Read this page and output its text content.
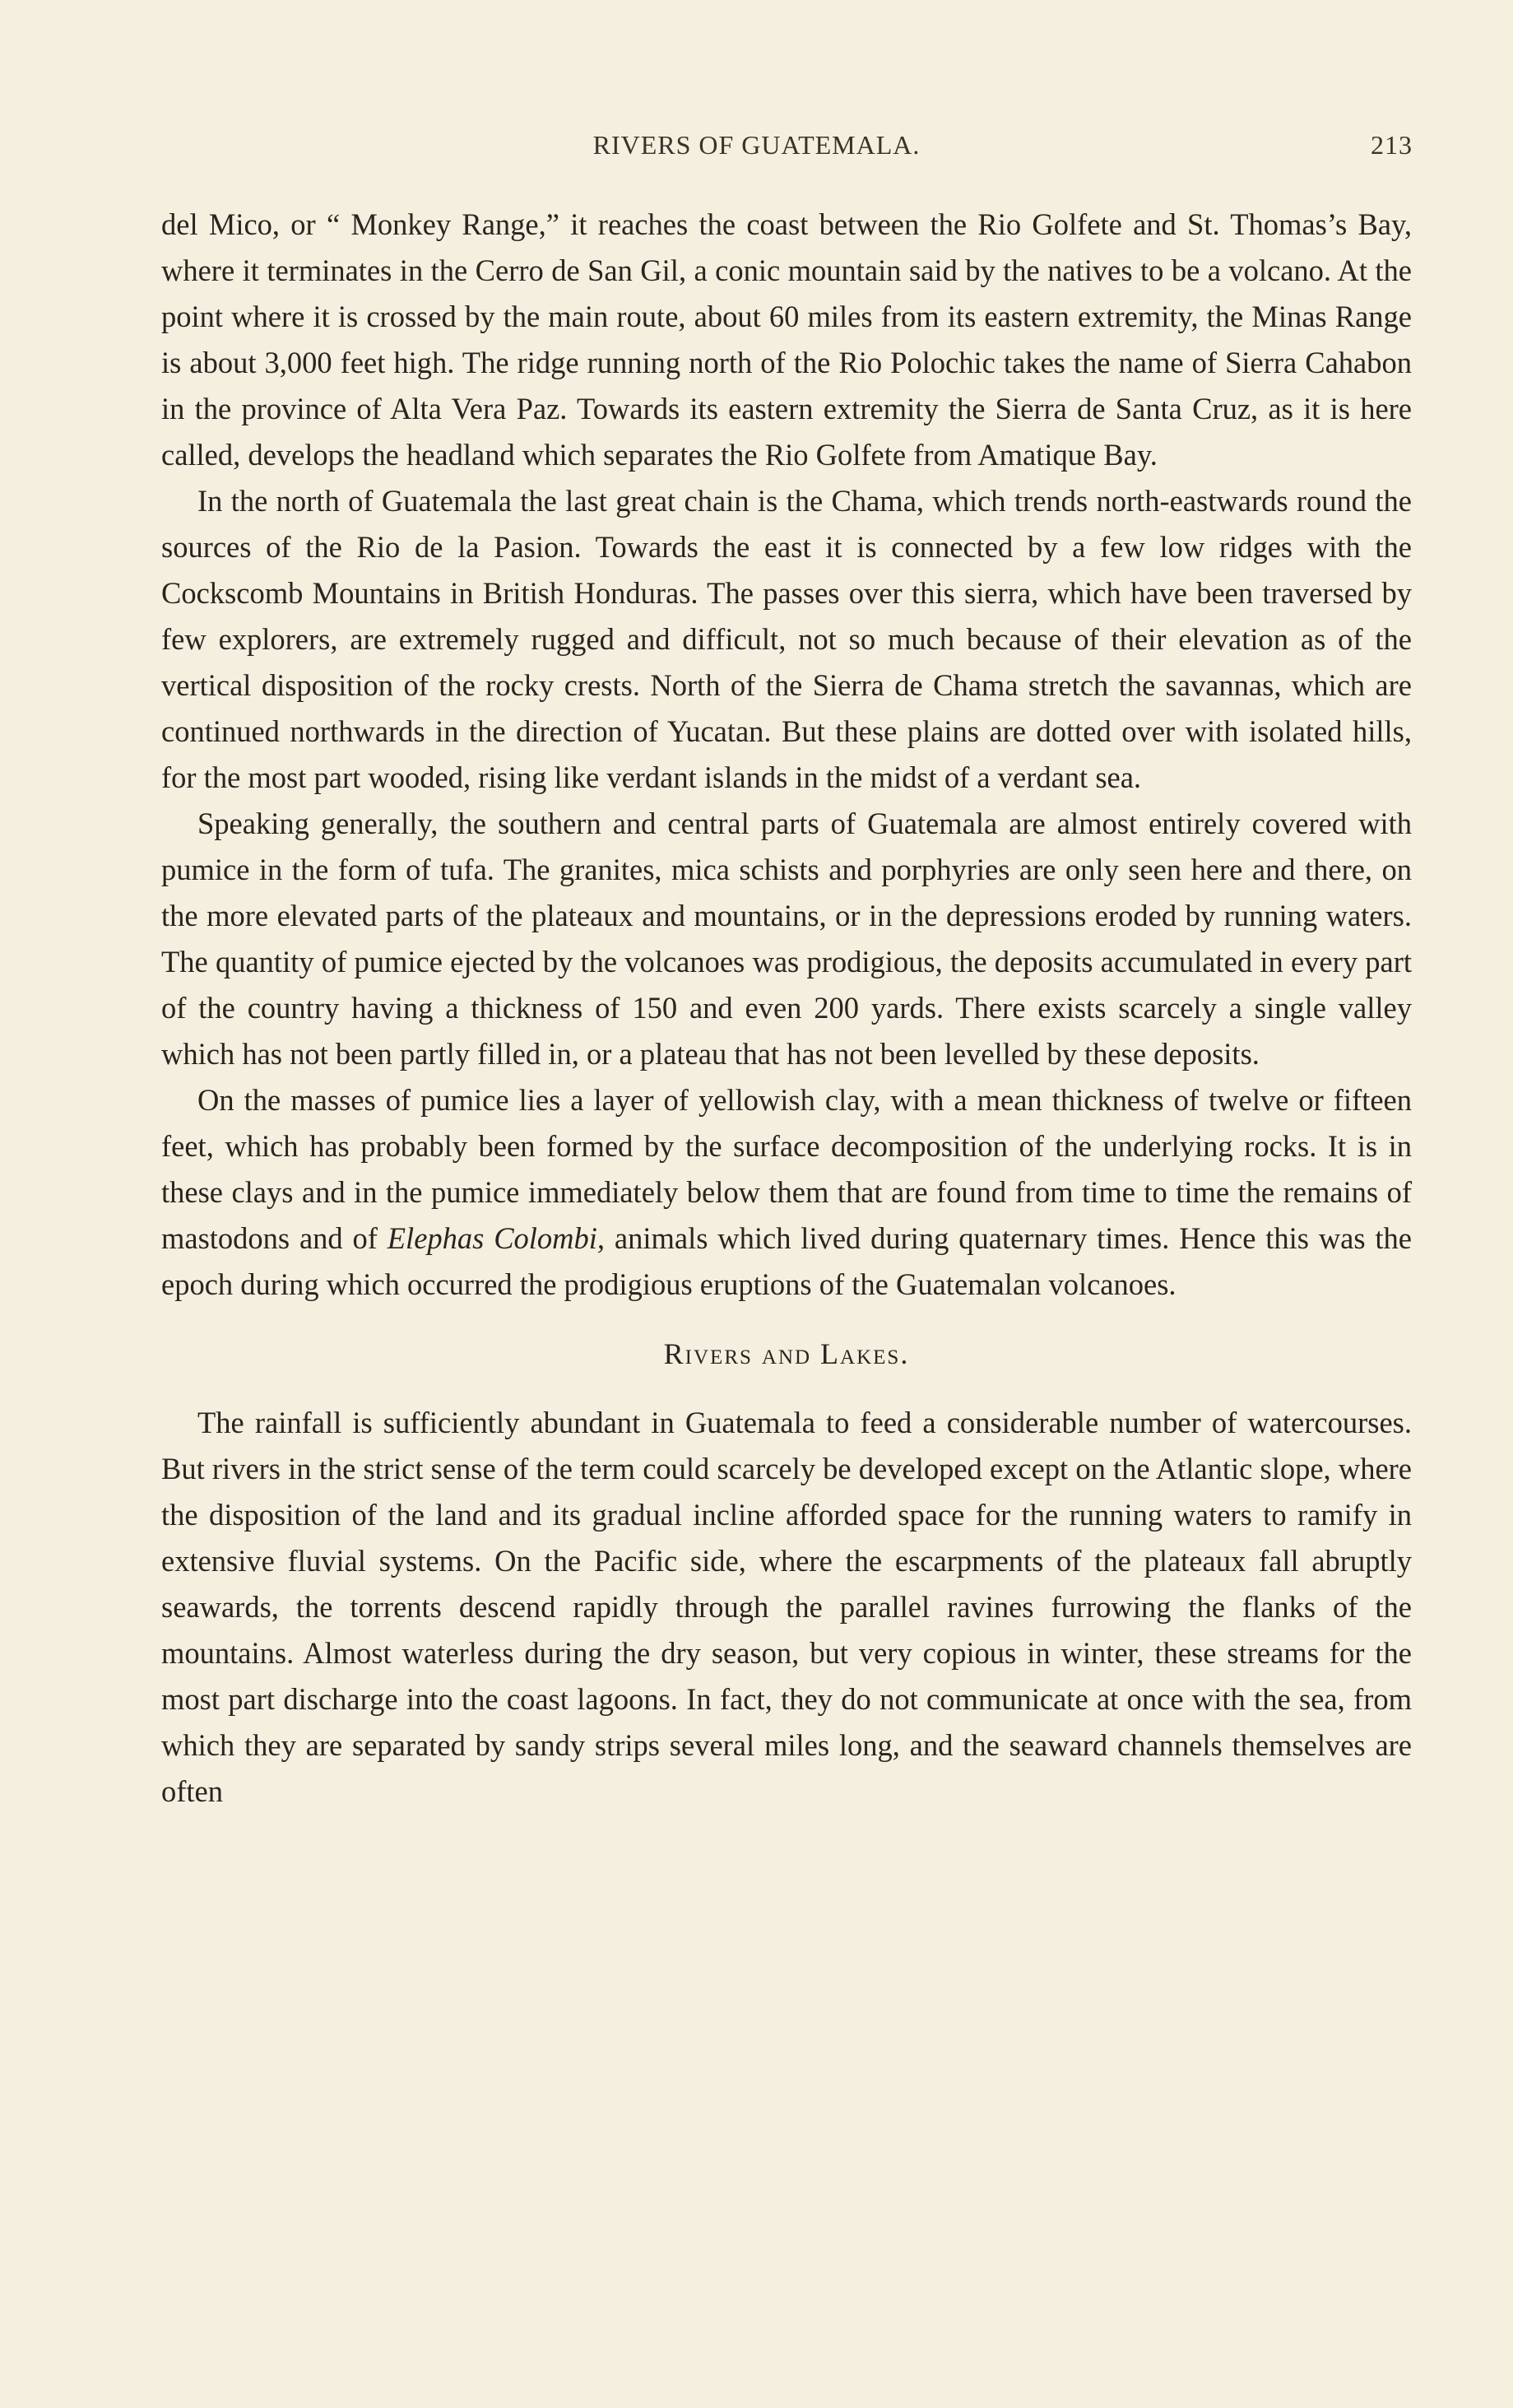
RIVERS OF GUATEMALA.	213

del Mico, or “ Monkey Range,” it reaches the coast between the Rio Golfete and St. Thomas’s Bay, where it terminates in the Cerro de San Gil, a conic mountain said by the natives to be a volcano. At the point where it is crossed by the main route, about 60 miles from its eastern extremity, the Minas Range is about 3,000 feet high. The ridge running north of the Rio Polochic takes the name of Sierra Cahabon in the province of Alta Vera Paz. Towards its eastern extremity the Sierra de Santa Cruz, as it is here called, develops the headland which separates the Rio Golfete from Amatique Bay.

In the north of Guatemala the last great chain is the Chama, which trends north-eastwards round the sources of the Rio de la Pasion. Towards the east it is connected by a few low ridges with the Cockscomb Mountains in British Honduras. The passes over this sierra, which have been traversed by few explorers, are extremely rugged and difficult, not so much because of their elevation as of the vertical disposition of the rocky crests. North of the Sierra de Chama stretch the savannas, which are continued northwards in the direction of Yucatan. But these plains are dotted over with isolated hills, for the most part wooded, rising like verdant islands in the midst of a verdant sea.

Speaking generally, the southern and central parts of Guatemala are almost entirely covered with pumice in the form of tufa. The granites, mica schists and porphyries are only seen here and there, on the more elevated parts of the plateaux and mountains, or in the depressions eroded by running waters. The quantity of pumice ejected by the volcanoes was prodigious, the deposits accumulated in every part of the country having a thickness of 150 and even 200 yards. There exists scarcely a single valley which has not been partly filled in, or a plateau that has not been levelled by these deposits.

On the masses of pumice lies a layer of yellowish clay, with a mean thickness of twelve or fifteen feet, which has probably been formed by the surface decomposition of the underlying rocks. It is in these clays and in the pumice immediately below them that are found from time to time the remains of mastodons and of Elephas Colombi, animals which lived during quaternary times. Hence this was the epoch during which occurred the prodigious eruptions of the Guatemalan volcanoes.

Rivers and Lakes.

The rainfall is sufficiently abundant in Guatemala to feed a considerable number of watercourses. But rivers in the strict sense of the term could scarcely be developed except on the Atlantic slope, where the disposition of the land and its gradual incline afforded space for the running waters to ramify in extensive fluvial systems. On the Pacific side, where the escarpments of the plateaux fall abruptly seawards, the torrents descend rapidly through the parallel ravines furrowing the flanks of the mountains. Almost waterless during the dry season, but very copious in winter, these streams for the most part discharge into the coast lagoons. In fact, they do not communicate at once with the sea, from which they are separated by sandy strips several miles long, and the seaward channels themselves are often
